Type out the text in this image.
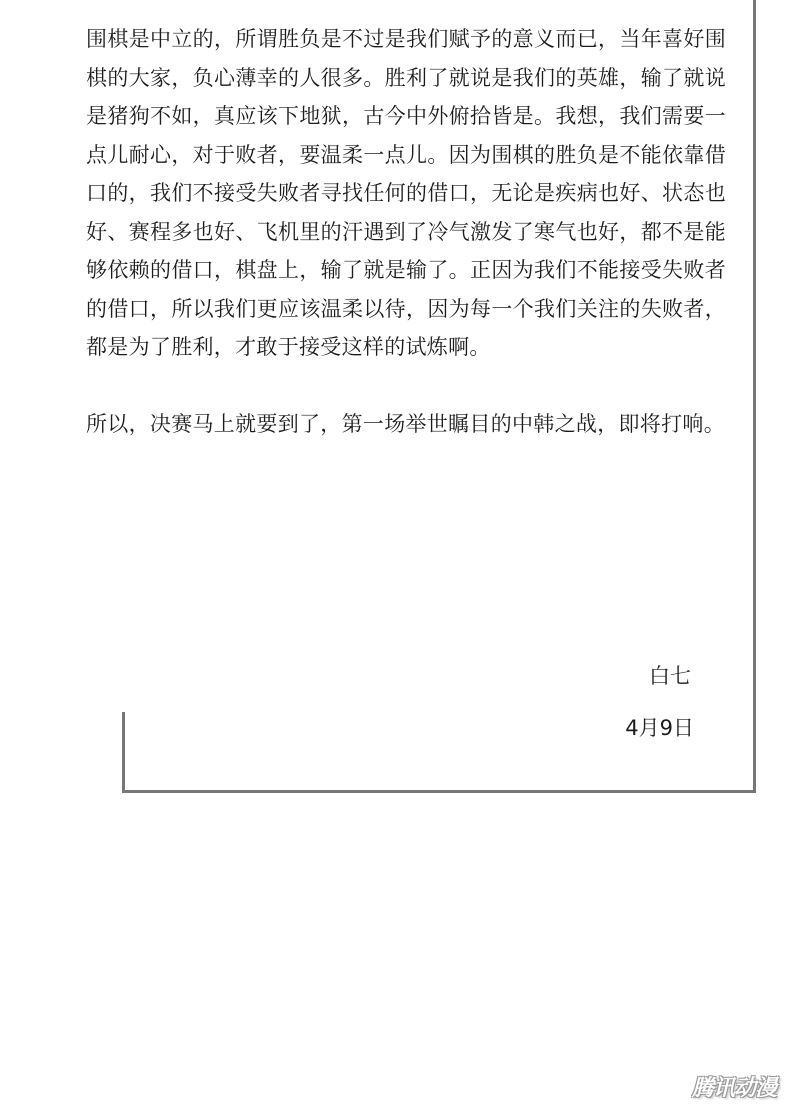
围棋是中立的，所谓胜负是不过是我们赋予的意义而已，当年喜好围棋的大家，负心薄幸的人很多。胜利了就说是我们的英雄，输了就说是猪狗不如，真应该下地狱，古今中外俯拾皆是。我想，我们需要一点儿耐心，对于败者，要温柔一点儿。因为围棋的胜负是不能依靠借口的，我们不接受失败者寻找任何的借口，无论是疾病也好、状态也好、赛程多也好、飞机里的汗遇到了冷气激发了寒气也好，都不是能够依赖的借口，棋盘上，输了就是输了。正因为我们不能接受失败者的借口，所以我们更应该温柔以待，因为每一个我们关注的失败者，都是为了胜利，才敢于接受这样的试炼啊。

所以，决赛马上就要到了，第一场举世瞩目的中韩之战，即将打响。

白七
4月9日
腾讯动漫
